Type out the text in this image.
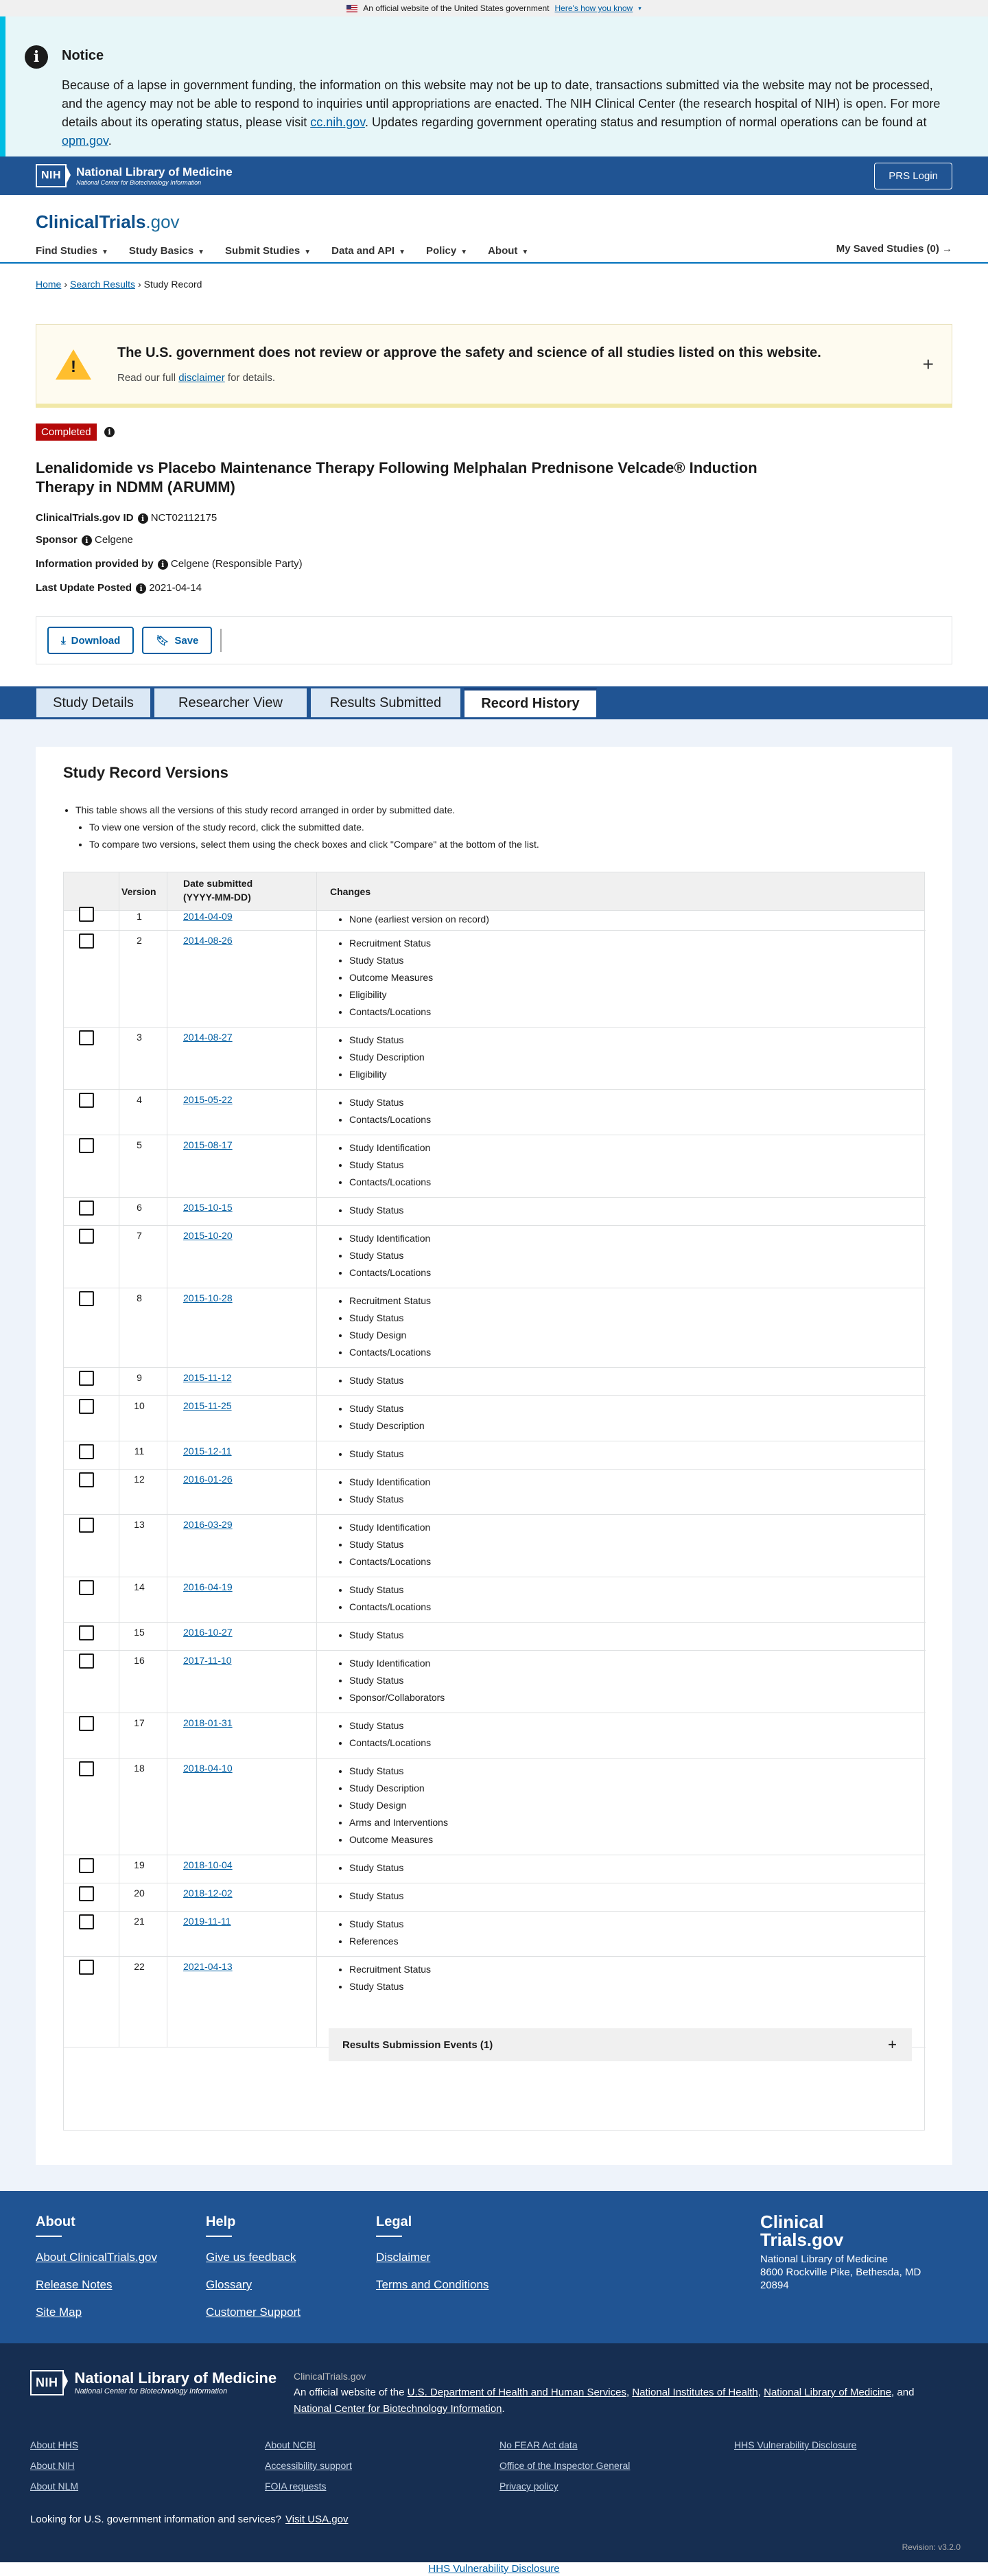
An official website of the United States government Here's how you know ▾
i	Notice

Because of a lapse in government funding, the information on this website may not be up to date, transactions submitted via the website may not be processed, and the agency may not be able to respond to inquiries until appropriations are enacted. The NIH Clinical Center (the research hospital of NIH) is open. For more details about its operating status, please visit cc.nih.gov. Updates regarding government operating status and resumption of normal operations can be found at opm.gov.

NIH	National Library of Medicine
National Center for Biotechnology Information
PRS Login
ClinicalTrials.gov
Find Studies ▼ Study Basics ▼ Submit Studies ▼ Data and API ▼ Policy ▼ About ▼	My Saved Studies (0) →
Home › Search Results › Study Record
!
The U.S. government does not review or approve the safety and science of all studies listed on this website.

Read our full disclaimer for details.

+
Completed	i
Lenalidomide vs Placebo Maintenance Therapy Following Melphalan Prednisone Velcade® Induction Therapy in NDMM (ARUMM)
ClinicalTrials.gov ID i NCT02112175
Sponsor i Celgene
Information provided by i Celgene (Responsible Party)
Last Update Posted i 2021-04-14
⤓ Download	🔖︎ Save
Study Details	Researcher View	Results Submitted	Record History
Study Record Versions
• This table shows all the versions of this study record arranged in order by submitted date.
• To view one version of the study record, click the submitted date.
• To compare two versions, select them using the check boxes and click "Compare" at the bottom of the list.
Version
Date submitted
(YYYY-MM-DD)	Changes
1	2014-04-09	• None (earliest version on record)
2	2014-08-26	• Recruitment Status
• Study Status
• Outcome Measures
• Eligibility
• Contacts/Locations
3	2014-08-27	• Study Status
• Study Description
• Eligibility
4	2015-05-22	• Study Status
• Contacts/Locations
5	2015-08-17	• Study Identification
• Study Status
• Contacts/Locations
6	2015-10-15	• Study Status
7	2015-10-20	• Study Identification
• Study Status
• Contacts/Locations
8	2015-10-28	• Recruitment Status
• Study Status
• Study Design
• Contacts/Locations
9	2015-11-12	• Study Status
10	2015-11-25	• Study Status
• Study Description
11	2015-12-11	• Study Status
12	2016-01-26	• Study Identification
• Study Status
13	2016-03-29	• Study Identification
• Study Status
• Contacts/Locations
14	2016-04-19	• Study Status
• Contacts/Locations
15	2016-10-27	• Study Status
16	2017-11-10	• Study Identification
• Study Status
• Sponsor/Collaborators
17	2018-01-31	• Study Status
• Contacts/Locations
18	2018-04-10	• Study Status
• Study Description
• Study Design
• Arms and Interventions
• Outcome Measures
19	2018-10-04	• Study Status
20	2018-12-02	• Study Status
21	2019-11-11	• Study Status
• References
22	2021-04-13	• Recruitment Status
• Study Status
Results Submission Events (1)	+
About
About ClinicalTrials.gov
Release Notes
Site Map
Help
Give us feedback
Glossary
Customer Support
Legal
Disclaimer
Terms and Conditions
Clinical
Trials.gov
National Library of Medicine
8600 Rockville Pike, Bethesda, MD
20894
NIH	National Library of Medicine
National Center for Biotechnology Information
ClinicalTrials.gov
An official website of the U.S. Department of Health and Human Services, National Institutes of Health, National Library of Medicine, and National Center for Biotechnology Information.
About HHS
About NIH
About NLM
About NCBI
Accessibility support
FOIA requests
No FEAR Act data
Office of the Inspector General
Privacy policy
HHS Vulnerability Disclosure
Looking for U.S. government information and services? Visit USA.gov
Revision: v3.2.0
HHS Vulnerability Disclosure
